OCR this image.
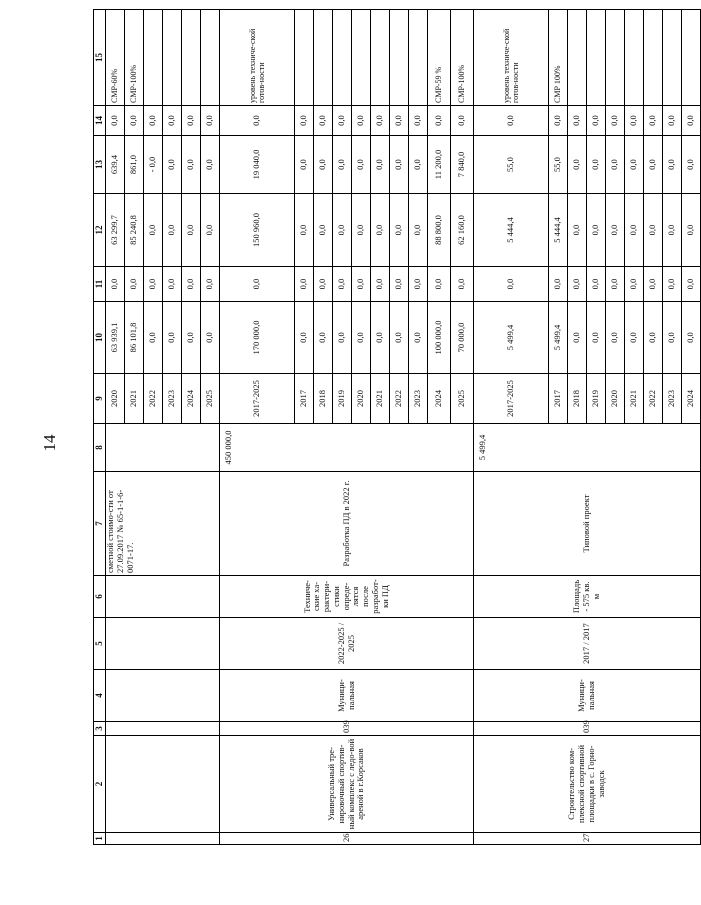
14
1	2	3	4	5	6	7	8	9	10	11	12	13	14	15
						сметной стоимо-сти от 27.09.2017 № 65-1-1-6-0071-17.		2020	63 939,1	0,0	63 299,7	639,4	0,0	СМР-60%
								2021	86 101,8	0,0	85 240,8	861,0	0,0	СМР-100%
								2022	0,0	0,0	0,0	- 0,0	0,0	
								2023	0,0	0,0	0,0	0,0	0,0	
								2024	0,0	0,0	0,0	0,0	0,0	
								2025	0,0	0,0	0,0	0,0	0,0	
26.	Универсальный тре-нировочный спортив-ный комплекс с ледо-вой ареной в г.Корсаков	039	Муници-пальная	2022-2025 / 2025	Техниче-ские ха-рактери-стики опреде-лятся после разработ-ки ПД	Разработка ПД в 2022 г.	450 000,0	2017-2025	170 000,0	0,0	150 960,0	19 040,0	0,0	уровень техниче-ской готов-ности
								2017	0,0	0,0	0,0	0,0	0,0	
								2018	0,0	0,0	0,0	0,0	0,0	
								2019	0,0	0,0	0,0	0,0	0,0	
								2020	0,0	0,0	0,0	0,0	0,0	
								2021	0,0	0,0	0,0	0,0	0,0	
								2022	0,0	0,0	0,0	0,0	0,0	
								2023	0,0	0,0	0,0	0,0	0,0	
								2024	100 000,0	0,0	88 800,0	11 200,0	0,0	СМР-59 %
								2025	70 000,0	0,0	62 160,0	7 840,0	0,0	СМР-100%
27.	Строительство ком-плексной спортивной площадки в с. Горно-заводск	039	Муници-пальная	2017 / 2017	Площадь - 575 кв. м	Типовой проект	5 499,4	2017-2025	5 499,4	0,0	5 444,4	55,0	0,0	уровень техниче-ской готов-ности
								2017	5 499,4	0,0	5 444,4	55,0	0,0	СМР 100%
								2018	0,0	0,0	0,0	0,0	0,0	
								2019	0,0	0,0	0,0	0,0	0,0	
								2020	0,0	0,0	0,0	0,0	0,0	
								2021	0,0	0,0	0,0	0,0	0,0	
								2022	0,0	0,0	0,0	0,0	0,0	
								2023	0,0	0,0	0,0	0,0	0,0	
								2024	0,0	0,0	0,0	0,0	0,0	
